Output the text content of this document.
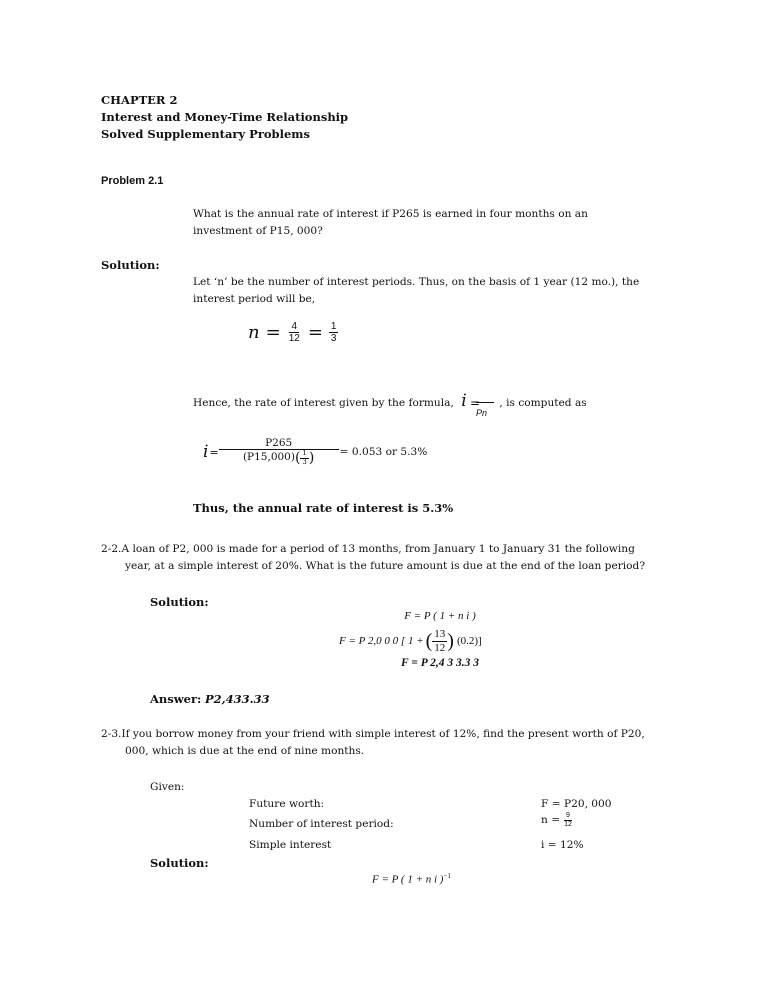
CHAPTER 2
Interest and Money-Time Relationship
Solved Supplementary Problems
Problem 2.1
What is the annual rate of interest if P265 is earned in four months on an
investment of P15, 000?
Solution:
Let ‘n’ be the number of interest periods. Thus, on the basis of 1 year (12 mo.), the
interest period will be,
$n = \frac{4}{12} = \frac{1}{3}$
Hence, the rate of interest given by the formula, i =
Pn
, is computed as
$i = \frac{P265}{(P15,000) ( \frac{1}{3} )} = 0.053$ or 5.3%
Thus, the annual rate of interest is 5.3%
2-2.A loan of P2, 000 is made for a period of 13 months, from January 1 to January 31 the following
year, at a simple interest of 20%. What is the future amount is due at the end of the loan period?
Solution:
F = P ( 1 + n i )
F = P 2,0 0 0 [ 1 + ( $\frac{13}{12}$ ) (0.2)]
F = P 2,4 3 3.3 3
Answer: P2,433.33
2-3.If you borrow money from your friend with simple interest of 12%, find the present worth of P20,
000, which is due at the end of nine months.
Given:
Future worth:	F = P20, 000
Number of interest period:	$n = \frac{9}{12}$
Simple interest	i = 12%
Solution:
F = P ( 1 + n i )$^{-1}$
